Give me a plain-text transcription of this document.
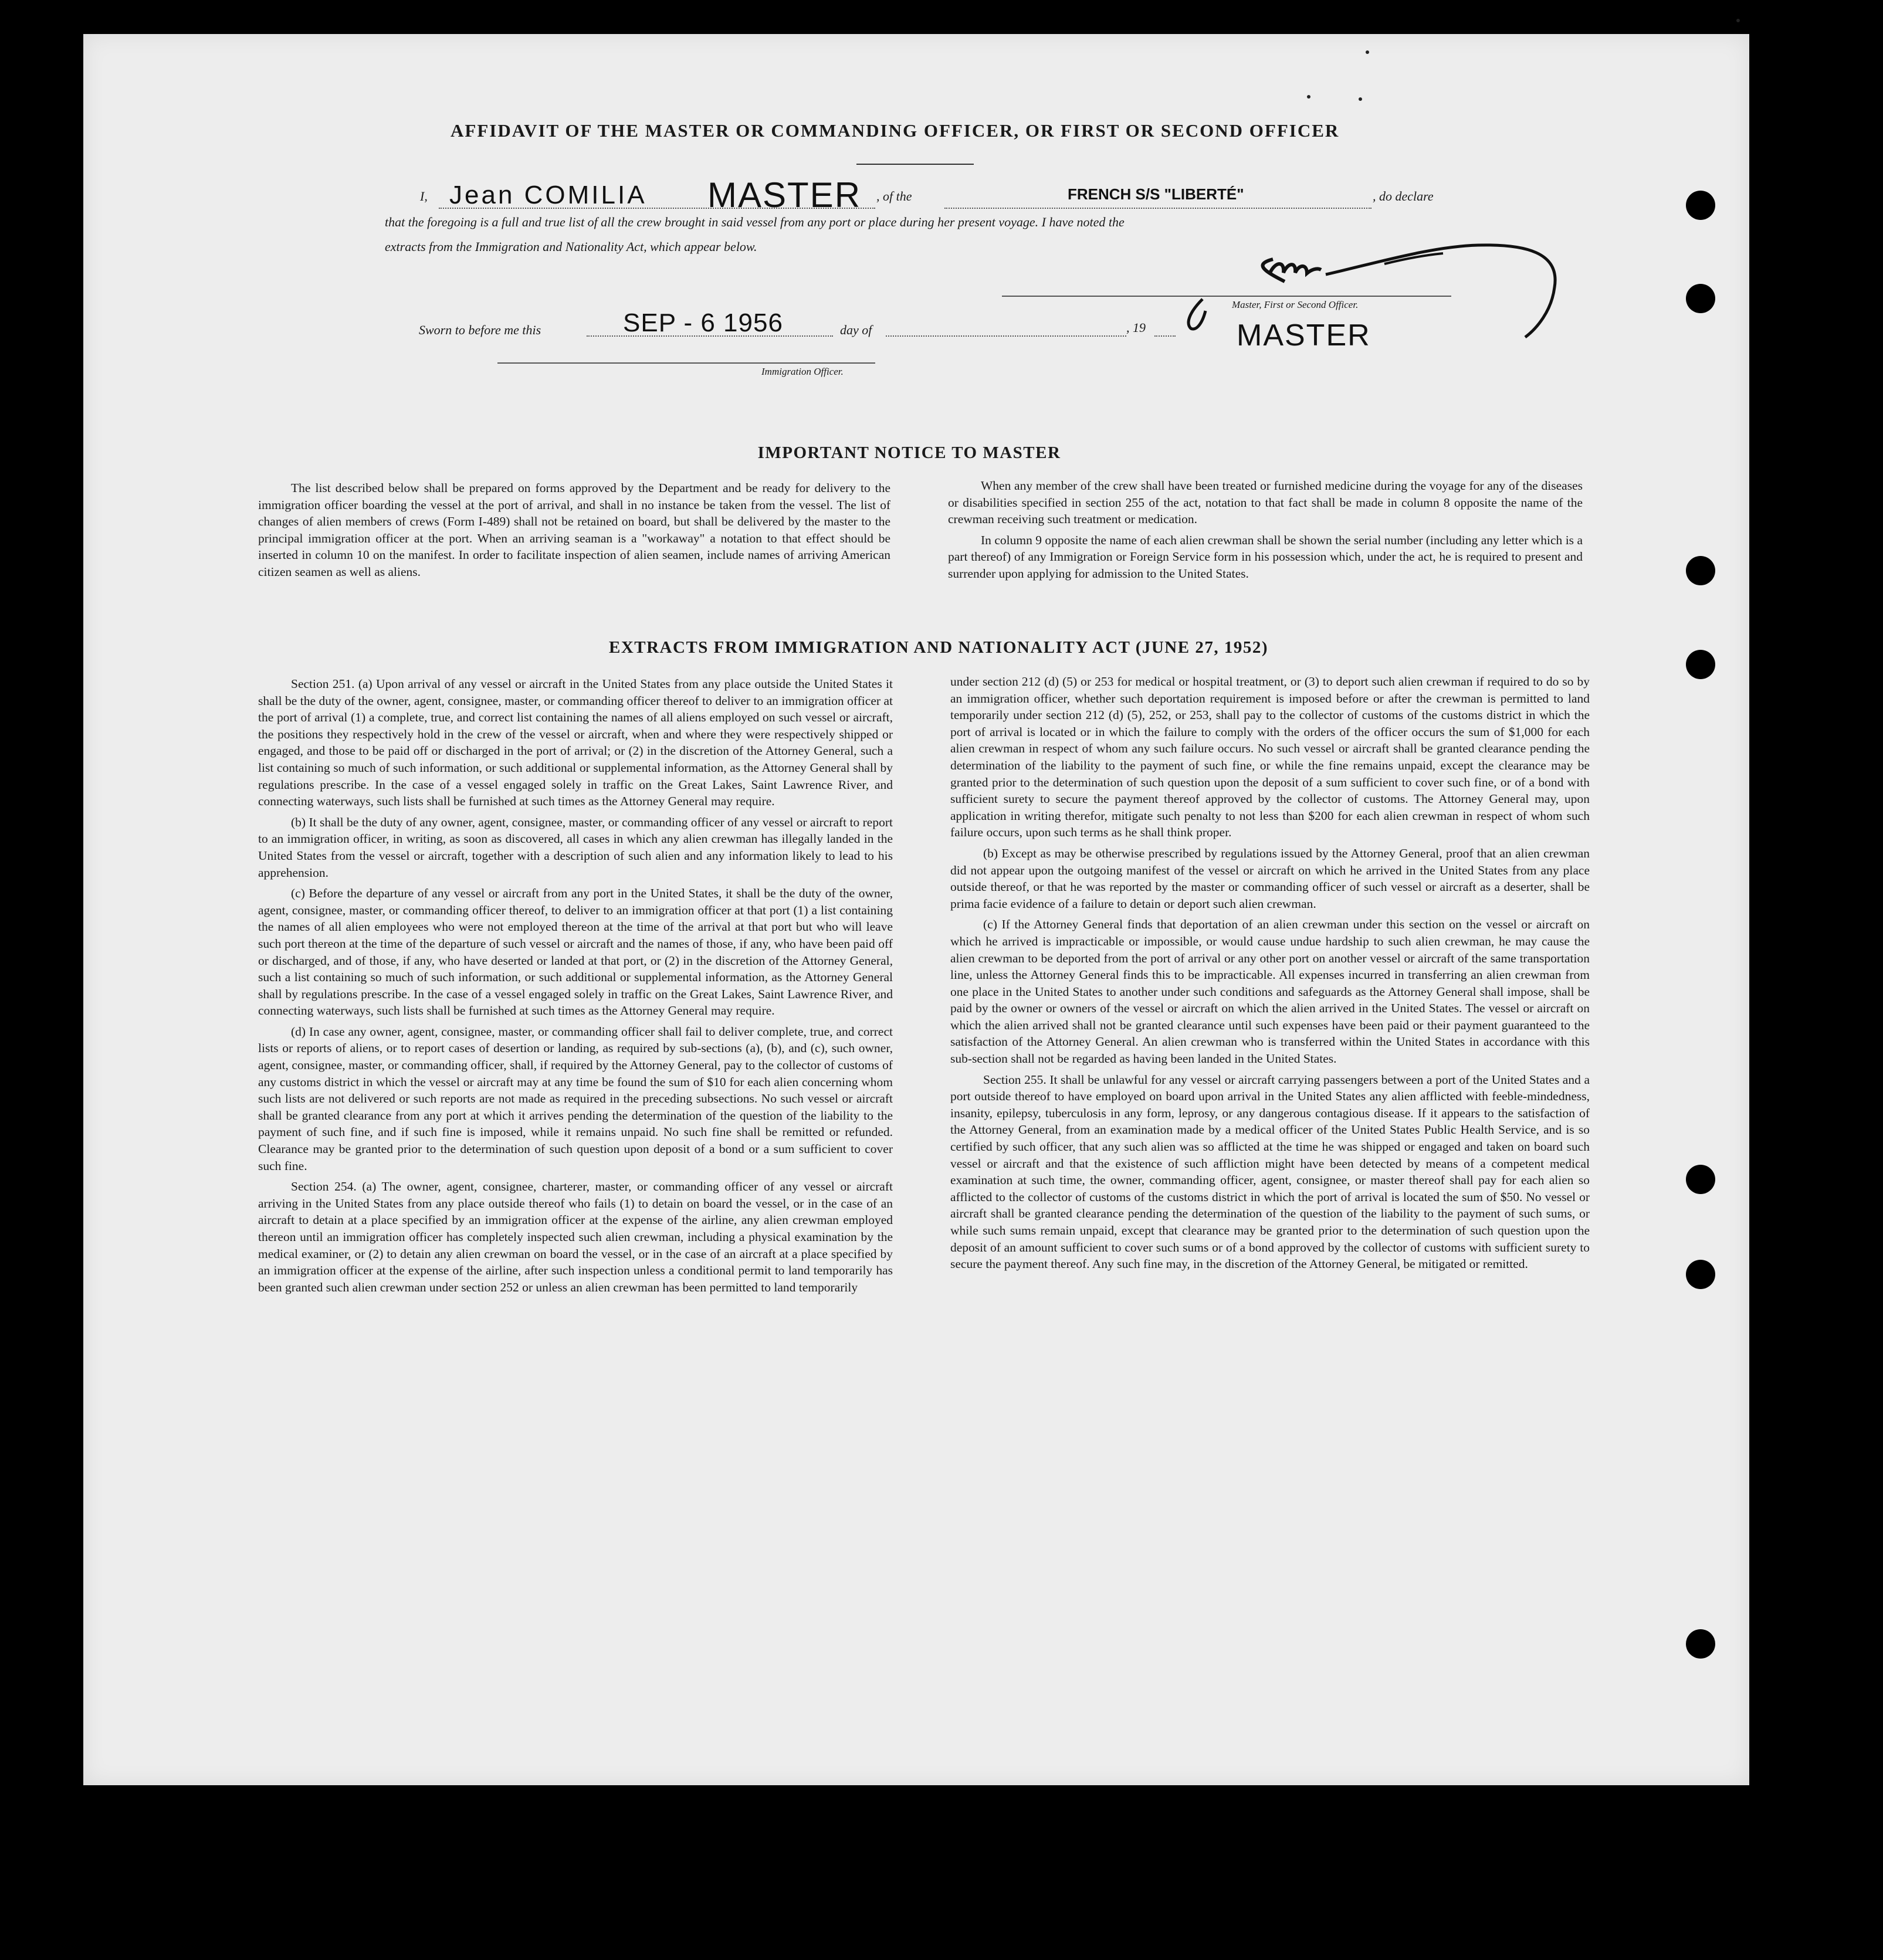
AFFIDAVIT OF THE MASTER OR COMMANDING OFFICER, OR FIRST OR SECOND OFFICER
I, Jean COMILIA MASTER , of the	FRENCH S/S "LIBERTÉ"	, do declare
that the foregoing is a full and true list of all the crew brought in said vessel from any port or place during her present voyage. I have noted the
extracts from the Immigration and Nationality Act, which appear below.
Master, First or Second Officer.
MASTER
Sworn to before me this	SEP - 6 1956	day of	, 19
Immigration Officer.
IMPORTANT NOTICE TO MASTER

The list described below shall be prepared on forms approved by the Department and be ready for delivery to the immigration officer boarding the vessel at the port of arrival, and shall in no instance be taken from the vessel. The list of changes of alien members of crews (Form I-489) shall not be retained on board, but shall be delivered by the master to the principal immigration officer at the port. When an arriving seaman is a "workaway" a notation to that effect should be inserted in column 10 on the manifest. In order to facilitate inspection of alien seamen, include names of arriving American citizen seamen as well as aliens.

When any member of the crew shall have been treated or furnished medicine during the voyage for any of the diseases or disabilities specified in section 255 of the act, notation to that fact shall be made in column 8 opposite the name of the crewman receiving such treatment or medication.

In column 9 opposite the name of each alien crewman shall be shown the serial number (including any letter which is a part thereof) of any Immigration or Foreign Service form in his possession which, under the act, he is required to present and surrender upon applying for admission to the United States.

EXTRACTS FROM IMMIGRATION AND NATIONALITY ACT (JUNE 27, 1952)

Section 251. (a) Upon arrival of any vessel or aircraft in the United States from any place outside the United States it shall be the duty of the owner, agent, consignee, master, or commanding officer thereof to deliver to an immigration officer at the port of arrival (1) a complete, true, and correct list containing the names of all aliens employed on such vessel or aircraft, the positions they respectively hold in the crew of the vessel or aircraft, when and where they were respectively shipped or engaged, and those to be paid off or discharged in the port of arrival; or (2) in the discretion of the Attorney General, such a list containing so much of such information, or such additional or supplemental information, as the Attorney General shall by regulations prescribe. In the case of a vessel engaged solely in traffic on the Great Lakes, Saint Lawrence River, and connecting waterways, such lists shall be furnished at such times as the Attorney General may require.

(b) It shall be the duty of any owner, agent, consignee, master, or commanding officer of any vessel or aircraft to report to an immigration officer, in writing, as soon as discovered, all cases in which any alien crewman has illegally landed in the United States from the vessel or aircraft, together with a description of such alien and any information likely to lead to his apprehension.

(c) Before the departure of any vessel or aircraft from any port in the United States, it shall be the duty of the owner, agent, consignee, master, or commanding officer thereof, to deliver to an immigration officer at that port (1) a list containing the names of all alien employees who were not employed thereon at the time of the arrival at that port but who will leave such port thereon at the time of the departure of such vessel or aircraft and the names of those, if any, who have been paid off or discharged, and of those, if any, who have deserted or landed at that port, or (2) in the discretion of the Attorney General, such a list containing so much of such information, or such additional or supplemental information, as the Attorney General shall by regulations prescribe. In the case of a vessel engaged solely in traffic on the Great Lakes, Saint Lawrence River, and connecting waterways, such lists shall be furnished at such times as the Attorney General may require.

(d) In case any owner, agent, consignee, master, or commanding officer shall fail to deliver complete, true, and correct lists or reports of aliens, or to report cases of desertion or landing, as required by sub-sections (a), (b), and (c), such owner, agent, consignee, master, or commanding officer, shall, if required by the Attorney General, pay to the collector of customs of any customs district in which the vessel or aircraft may at any time be found the sum of $10 for each alien concerning whom such lists are not delivered or such reports are not made as required in the preceding subsections. No such vessel or aircraft shall be granted clearance from any port at which it arrives pending the determination of the question of the liability to the payment of such fine, and if such fine is imposed, while it remains unpaid. No such fine shall be remitted or refunded. Clearance may be granted prior to the determination of such question upon deposit of a bond or a sum sufficient to cover such fine.

Section 254. (a) The owner, agent, consignee, charterer, master, or commanding officer of any vessel or aircraft arriving in the United States from any place outside thereof who fails (1) to detain on board the vessel, or in the case of an aircraft to detain at a place specified by an immigration officer at the expense of the airline, any alien crewman employed thereon until an immigration officer has completely inspected such alien crewman, including a physical examination by the medical examiner, or (2) to detain any alien crewman on board the vessel, or in the case of an aircraft at a place specified by an immigration officer at the expense of the airline, after such inspection unless a conditional permit to land temporarily has been granted such alien crewman under section 252 or unless an alien crewman has been permitted to land temporarily

under section 212 (d) (5) or 253 for medical or hospital treatment, or (3) to deport such alien crewman if required to do so by an immigration officer, whether such deportation requirement is imposed before or after the crewman is permitted to land temporarily under section 212 (d) (5), 252, or 253, shall pay to the collector of customs of the customs district in which the port of arrival is located or in which the failure to comply with the orders of the officer occurs the sum of $1,000 for each alien crewman in respect of whom any such failure occurs. No such vessel or aircraft shall be granted clearance pending the determination of the liability to the payment of such fine, or while the fine remains unpaid, except the clearance may be granted prior to the determination of such question upon the deposit of a sum sufficient to cover such fine, or of a bond with sufficient surety to secure the payment thereof approved by the collector of customs. The Attorney General may, upon application in writing therefor, mitigate such penalty to not less than $200 for each alien crewman in respect of whom such failure occurs, upon such terms as he shall think proper.

(b) Except as may be otherwise prescribed by regulations issued by the Attorney General, proof that an alien crewman did not appear upon the outgoing manifest of the vessel or aircraft on which he arrived in the United States from any place outside thereof, or that he was reported by the master or commanding officer of such vessel or aircraft as a deserter, shall be prima facie evidence of a failure to detain or deport such alien crewman.

(c) If the Attorney General finds that deportation of an alien crewman under this section on the vessel or aircraft on which he arrived is impracticable or impossible, or would cause undue hardship to such alien crewman, he may cause the alien crewman to be deported from the port of arrival or any other port on another vessel or aircraft of the same transportation line, unless the Attorney General finds this to be impracticable. All expenses incurred in transferring an alien crewman from one place in the United States to another under such conditions and safeguards as the Attorney General shall impose, shall be paid by the owner or owners of the vessel or aircraft on which the alien arrived in the United States. The vessel or aircraft on which the alien arrived shall not be granted clearance until such expenses have been paid or their payment guaranteed to the satisfaction of the Attorney General. An alien crewman who is transferred within the United States in accordance with this sub-section shall not be regarded as having been landed in the United States.

Section 255. It shall be unlawful for any vessel or aircraft carrying passengers between a port of the United States and a port outside thereof to have employed on board upon arrival in the United States any alien afflicted with feeble-mindedness, insanity, epilepsy, tuberculosis in any form, leprosy, or any dangerous contagious disease. If it appears to the satisfaction of the Attorney General, from an examination made by a medical officer of the United States Public Health Service, and is so certified by such officer, that any such alien was so afflicted at the time he was shipped or engaged and taken on board such vessel or aircraft and that the existence of such affliction might have been detected by means of a competent medical examination at such time, the owner, commanding officer, agent, consignee, or master thereof shall pay for each alien so afflicted to the collector of customs of the customs district in which the port of arrival is located the sum of $50. No vessel or aircraft shall be granted clearance pending the determination of the question of the liability to the payment of such sums, or while such sums remain unpaid, except that clearance may be granted prior to the determination of such question upon the deposit of an amount sufficient to cover such sums or of a bond approved by the collector of customs with sufficient surety to secure the payment thereof. Any such fine may, in the discretion of the Attorney General, be mitigated or remitted.
